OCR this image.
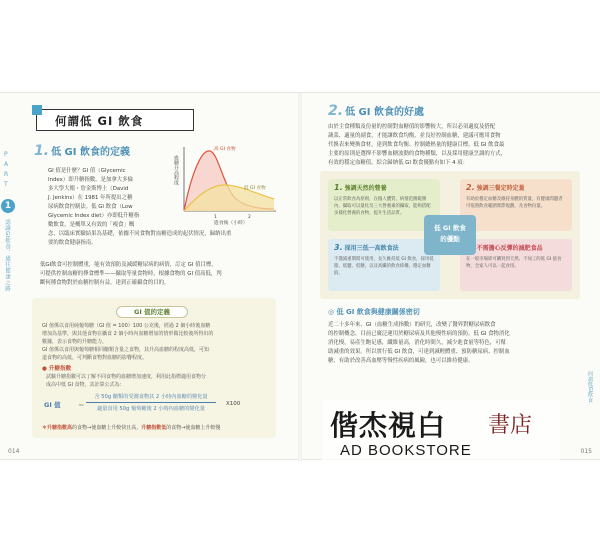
P
A
R
T
1
認識GI飲食，通往健康之路
何謂低 GI 飲食
1. 低 GI 飲食的定義
GI 值是什麼？GI 值（Glycemic
Index）即升糖指數，是加拿大多倫
多大學大衛・詹金斯博士（David
J. Jenkins）在 1981 年所提出之糖
尿病飲食控制法。低 GI 飲食（Low
Glycemic Index diet）亦即低升糖指
數飲食，是概單又有效的「瘦食」概
念，以臨床實驗結果為基礎，依據不同食物對血糖造成的起伏情況，歸納出重
要的飲食健康指南。
血糖升高程度
高 GI 食物
低 GI 食物
1	2
進食後（小時）
低GI飲食可控制體重，能有效預防及減緩糖尿病的病情，訂定 GI 值目標，
可提供控制血糖的擇食標準——攝取等量食物時，根據食物的 GI 值高低，判
斷何種食物對於血糖控制有益，達到正確攝食的目的。
GI 值的定義
GI 值係以食用純葡萄糖（GI 值 = 100）100 公克後，經過 2 個小時後血糖
增加為基準，與其他食物在攝食 2 個小時內血糖增加的情形做比較後所得出的
數據，表示食物的升糖能力。
GI 值係以食用與葡萄糖相同醣類含量之食物，其升高血糖的程度高低，可知
道食物的高低，可判斷食物對血糖的影響程度。
● 升糖指數
試驗升糖指數可以了解不同食物的血糖增加速度，利用此指標適用食物分
成高中低 GI 食物，其計算公式為：
GI 值	＝
含 50g 醣類的受測食物其 2 小時內血糖的變化量
適量食用 50g 葡萄糖後 2 小時內血糖的變化量
X100
＊升糖指數高的食物→使血糖上升較快且高，升糖指數低的食物→使血糖上升較慢
014
2. 低 GI 飲食的好處
由於主食種類及份量的控制對血糖值的影響較大，所以必須適度及搭配
蔬菜、適量的副食，才能讓飲食均衡，並良好控制血糖，建議可應用食物
代換表來變換食材，達到飲食均衡、控制總熱量的健康目標。低 GI 飲食最
主要的原則是選擇不影響血糖波動的食物種類，以及採用健康烹調的方式，
有效的穩定血糖值，綜合歸納低 GI 飲食優點有如下 4 項：
1. 強調天然的營養
以正常飲食為原則，在個人體質、病情范圍範圍內，攝取可以量化及三大營養素的攝取，能夠搭配多樣化營養的食物，提升生活品質。
2. 強調三餐定時定量
有助於穩定血糖及維持身體的質量，有健康問題者可依照飲食範圍實際規劃，及食物份量。
3. 採用三低一高飲食法
不僅減重期間可使用，長久維持低 GI 飲食，採用低脂、低鹽、低糖，以及高纖的飲食結構，穩定血糖值。
不需擔心反彈的減肥食品
在一般市場即可購買到天然、不加工的低 GI 值食物，全家人可以一起食用。
低 GI 飲食
的優點
◎ 低 GI 飲食與健康關係密切
近二十多年來，GI（血糖生成指數）的研究，改變了醫界對糖尿病飲食
的控制概念，目前已廣泛運用於糖尿病及其他慢性病的預防，低 GI 食物消化
消化慢，易產生飽足感，纖維量高，消化時間久，減少進食量等特色，可幫
助減重的效果。所以實行低 GI 飲食，可達到減輕體重、預防糖尿病、控制血
糖，有助於改善高血壓等慢性疾病的風險，也可以維持健康。
何謂低GI飲食
015
偕杰視白 書店
AD BOOKSTORE
